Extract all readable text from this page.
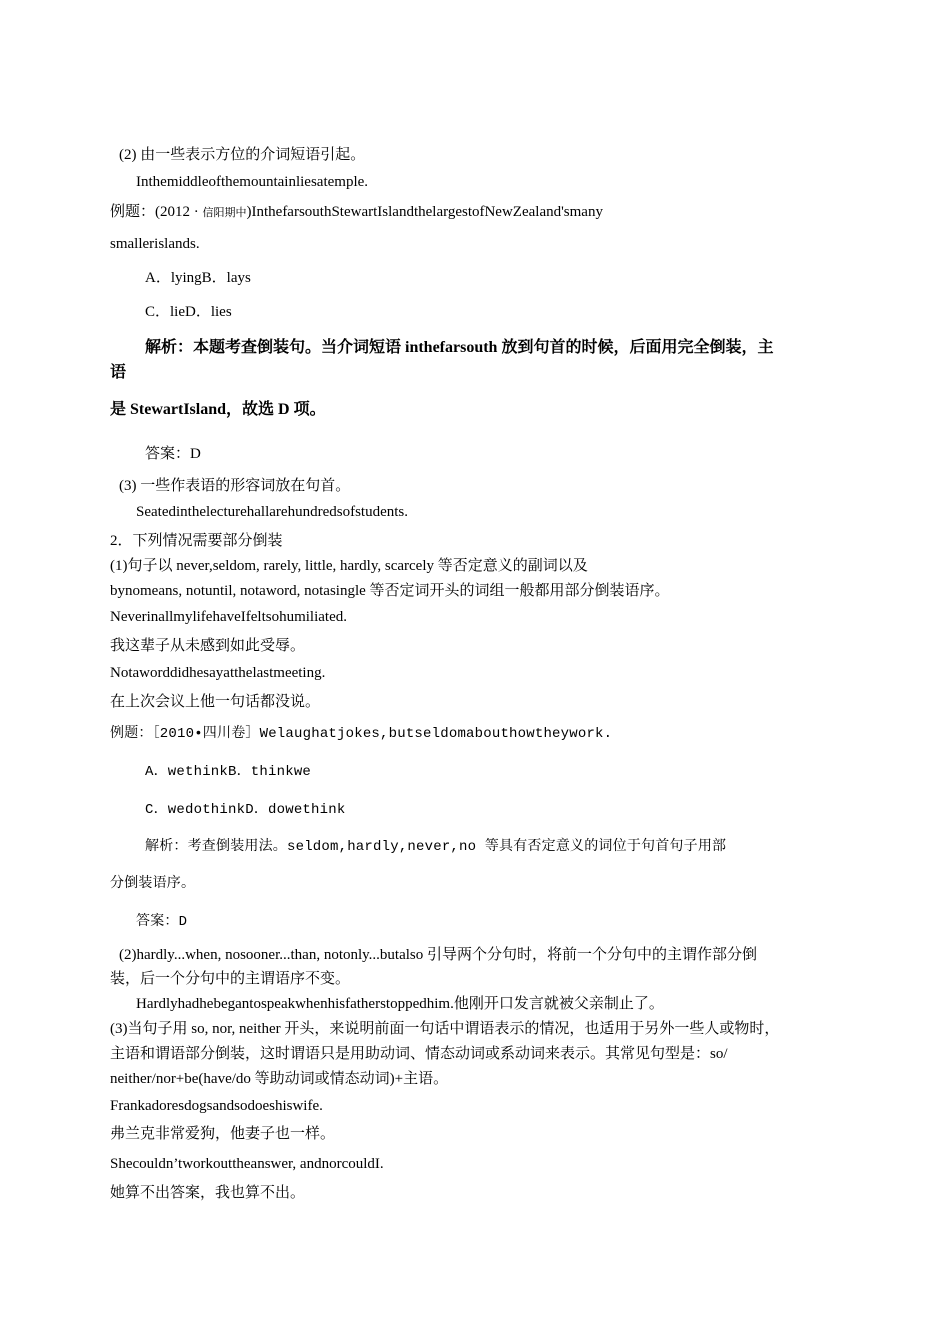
(2) 由一些表示方位的介词短语引起。
Inthemiddleofthemountainliesatemple.
例题：(2012 · 信阳期中)InthefarsouthStewartIslandthelargestofNewZealand'smany
smallerislands.
A．lyingB．lays
C．lieD．lies
解析：本题考查倒装句。当介词短语 inthefarsouth 放到句首的时候，后面用完全倒装，主
语
是 StewartIsland，故选 D 项。
答案：D
(3) 一些作表语的形容词放在句首。
Seatedinthelecturehallarehundredsofstudents.
2．下列情况需要部分倒装
(1)句子以 never,seldom, rarely, little, hardly, scarcely 等否定意义的副词以及
bynomeans, notuntil, notaword, notasingle 等否定词开头的词组一般都用部分倒装语序。
NeverinallmylifehaveIfeltsohumiliated.
我这辈子从未感到如此受辱。
Notaworddidhesayatthelastmeeting.
在上次会议上他一句话都没说。
例题：［2010•四川卷］Welaughatjokes,butseldomabouthowtheywork.
A．wethinkB．thinkwe
C．wedothinkD．dowethink
解析：考查倒装用法。seldom,hardly,never,no 等具有否定意义的词位于句首句子用部
分倒装语序。
答案：D
(2)hardly...when, nosooner...than, notonly...butalso 引导两个分句时，将前一个分句中的主谓作部分倒
装，后一个分句中的主谓语序不变。
Hardlyhadhebegantospeakwhenhisfatherstoppedhim.他刚开口发言就被父亲制止了。
(3)当句子用 so, nor, neither 开头，来说明前面一句话中谓语表示的情况，也适用于另外一些人或物时，
主语和谓语部分倒装，这时谓语只是用助动词、情态动词或系动词来表示。其常见句型是：so/
neither/nor+be(have/do 等助动词或情态动词)+主语。
Frankadoresdogsandsodoeshiswife.
弗兰克非常爱狗，他妻子也一样。
Shecouldn’tworkouttheanswer, andnorcouldI.
她算不出答案，我也算不出。
